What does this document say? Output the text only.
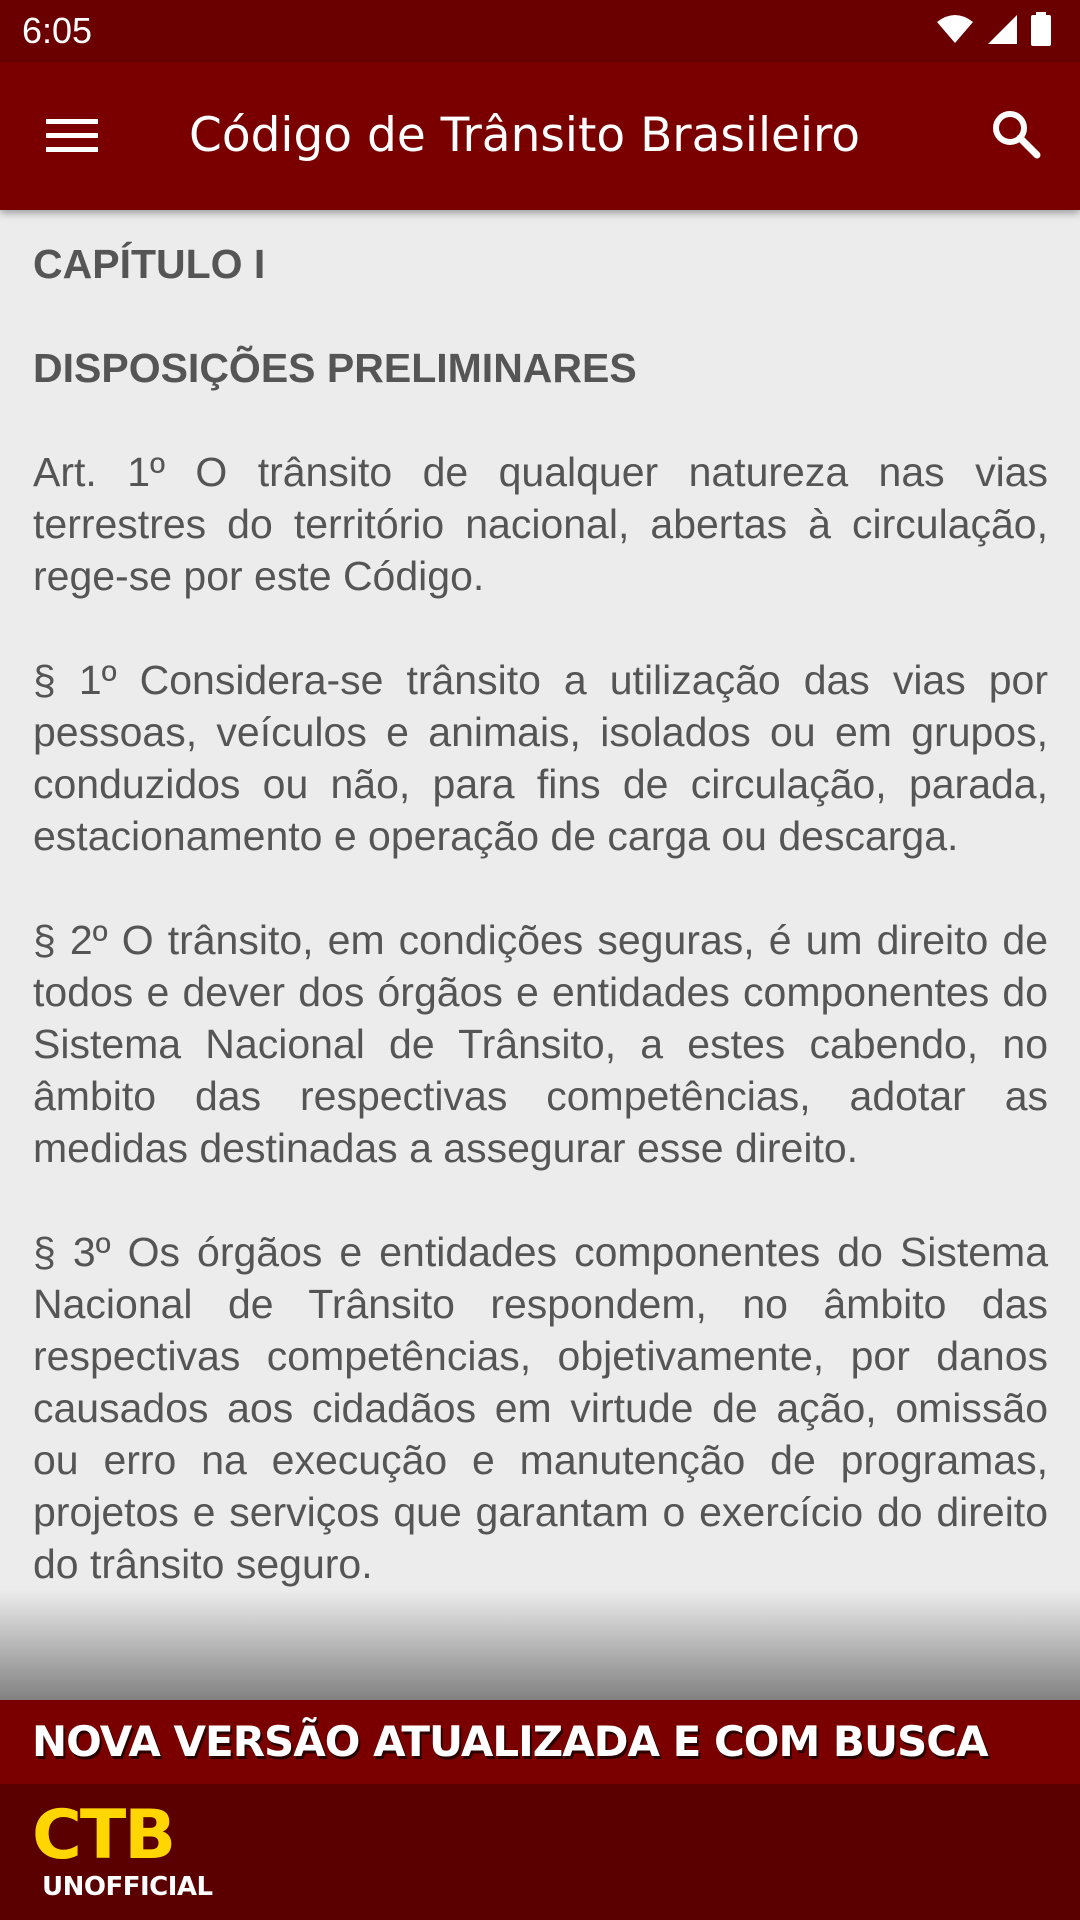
6:05
Código de Trânsito Brasileiro

CAPÍTULO I

DISPOSIÇÕES PRELIMINARES

Art. 1º O trânsito de qualquer natureza nas vias terrestres do território nacional, abertas à circulação, rege-se por este Código.

§ 1º Considera-se trânsito a utilização das vias por pessoas, veículos e animais, isolados ou em grupos, conduzidos ou não, para fins de circulação, parada, estacionamento e operação de carga ou descarga.

§ 2º O trânsito, em condições seguras, é um direito de todos e dever dos órgãos e entidades componentes do Sistema Nacional de Trânsito, a estes cabendo, no âmbito das respectivas competências, adotar as medidas destinadas a assegurar esse direito.

§ 3º Os órgãos e entidades componentes do Sistema Nacional de Trânsito respondem, no âmbito das respectivas competências, objetivamente, por danos causados aos cidadãos em virtude de ação, omissão ou erro na execução e manutenção de programas, projetos e serviços que garantam o exercício do direito do trânsito seguro.

NOVA VERSÃO ATUALIZADA E COM BUSCA
CTB
UNOFFICIAL
